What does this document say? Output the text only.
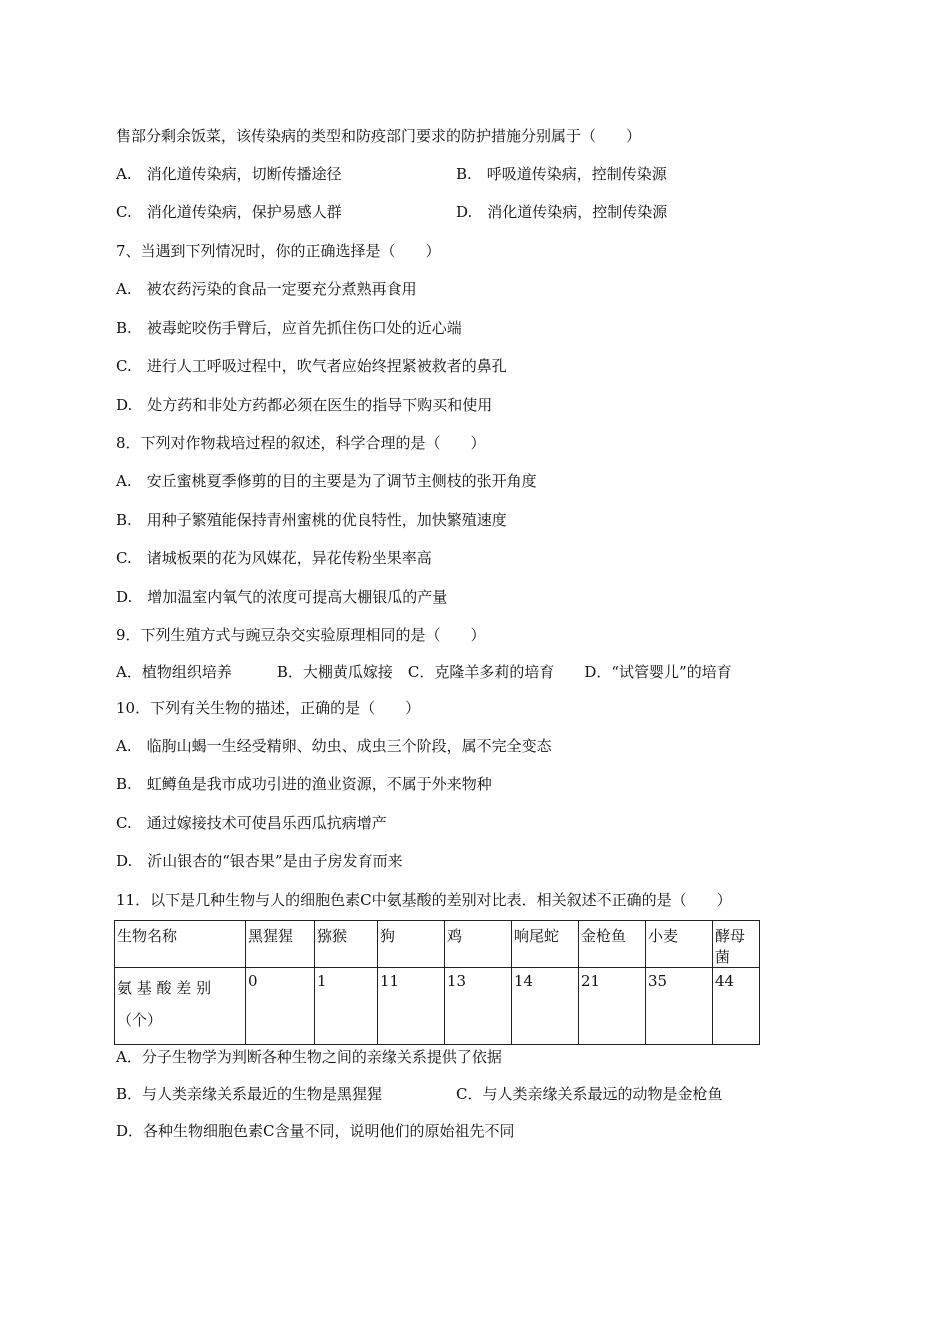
售部分剩余饭菜，该传染病的类型和防疫部门要求的防护措施分别属于（　　）
A.　消化道传染病，切断传播途径	B.　呼吸道传染病，控制传染源
C.　消化道传染病，保护易感人群	D.　消化道传染病，控制传染源
7、当遇到下列情况时，你的正确选择是（　　）
A.　被农药污染的食品一定要充分煮熟再食用
B.　被毒蛇咬伤手臂后，应首先抓住伤口处的近心端
C.　进行人工呼吸过程中，吹气者应始终捏紧被救者的鼻孔
D.　处方药和非处方药都必须在医生的指导下购买和使用
8．下列对作物栽培过程的叙述，科学合理的是（　　）
A.　安丘蜜桃夏季修剪的目的主要是为了调节主侧枝的张开角度
B.　用种子繁殖能保持青州蜜桃的优良特性，加快繁殖速度
C.　诸城板栗的花为风媒花，异花传粉坐果率高
D.　增加温室内氧气的浓度可提高大棚银瓜的产量
9．下列生殖方式与豌豆杂交实验原理相同的是（　　）
A．植物组织培养　　　B．大棚黄瓜嫁接　C．克隆羊多莉的培育　　D．“试管婴儿”的培育
10．下列有关生物的描述，正确的是（　　）
A.　临朐山蝎一生经受精卵、幼虫、成虫三个阶段，属不完全变态
B.　虹鳟鱼是我市成功引进的渔业资源，不属于外来物种
C.　通过嫁接技术可使昌乐西瓜抗病增产
D.　沂山银杏的“银杏果”是由子房发育而来
11．以下是几种生物与人的细胞色素C中氨基酸的差别对比表．相关叙述不正确的是（　　）
生物名称	黑猩猩	猕猴	狗	鸡	响尾蛇	金枪鱼	小麦	酵母菌

氨 基 酸 差 别
（个）	0	1	11	13	14	21	35	44
A．分子生物学为判断各种生物之间的亲缘关系提供了依据
B．与人类亲缘关系最近的生物是黑猩猩	C．与人类亲缘关系最远的动物是金枪鱼
D．各种生物细胞色素C含量不同，说明他们的原始祖先不同
